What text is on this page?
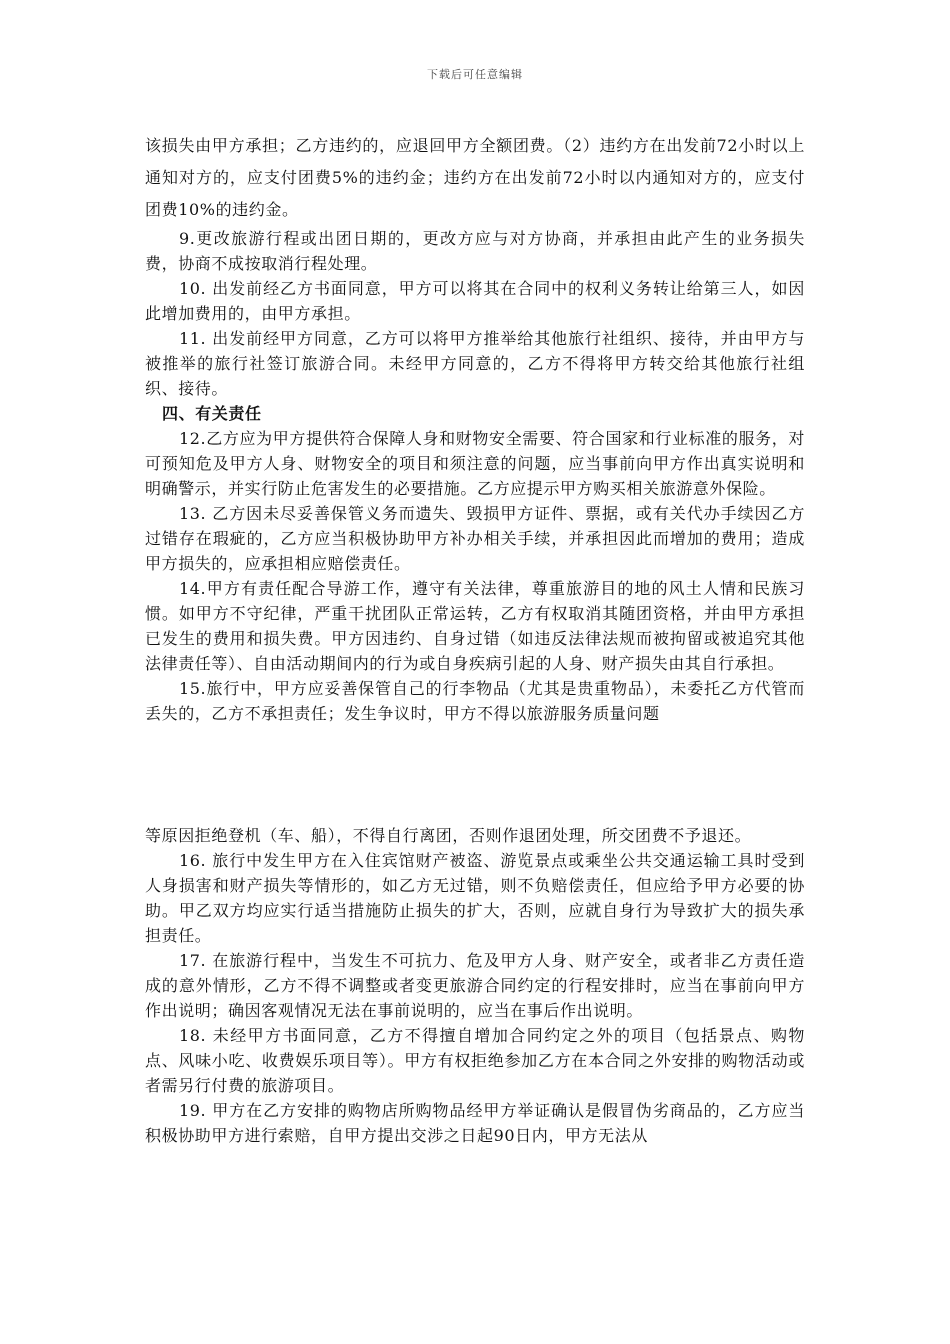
下载后可任意编辑

该损失由甲方承担；乙方违约的，应退回甲方全额团费。（2）违约方在出发前72小时以上通知对方的，应支付团费5%的违约金；违约方在出发前72小时以内通知对方的，应支付团费10%的违约金。

9.更改旅游行程或出团日期的，更改方应与对方协商，并承担由此产生的业务损失费，协商不成按取消行程处理。

10. 出发前经乙方书面同意，甲方可以将其在合同中的权利义务转让给第三人，如因此增加费用的，由甲方承担。

11. 出发前经甲方同意，乙方可以将甲方推举给其他旅行社组织、接待，并由甲方与被推举的旅行社签订旅游合同。未经甲方同意的，乙方不得将甲方转交给其他旅行社组织、接待。

四、有关责任

12.乙方应为甲方提供符合保障人身和财物安全需要、符合国家和行业标准的服务，对可预知危及甲方人身、财物安全的项目和须注意的问题，应当事前向甲方作出真实说明和明确警示，并实行防止危害发生的必要措施。乙方应提示甲方购买相关旅游意外保险。

13. 乙方因未尽妥善保管义务而遗失、毁损甲方证件、票据，或有关代办手续因乙方过错存在瑕疵的，乙方应当积极协助甲方补办相关手续，并承担因此而增加的费用；造成甲方损失的，应承担相应赔偿责任。

14.甲方有责任配合导游工作，遵守有关法律，尊重旅游目的地的风土人情和民族习惯。如甲方不守纪律，严重干扰团队正常运转，乙方有权取消其随团资格，并由甲方承担已发生的费用和损失费。甲方因违约、自身过错（如违反法律法规而被拘留或被追究其他法律责任等）、自由活动期间内的行为或自身疾病引起的人身、财产损失由其自行承担。

15.旅行中，甲方应妥善保管自己的行李物品（尤其是贵重物品），未委托乙方代管而丢失的，乙方不承担责任；发生争议时，甲方不得以旅游服务质量问题

等原因拒绝登机（车、船），不得自行离团，否则作退团处理，所交团费不予退还。

16. 旅行中发生甲方在入住宾馆财产被盗、游览景点或乘坐公共交通运输工具时受到人身损害和财产损失等情形的，如乙方无过错，则不负赔偿责任，但应给予甲方必要的协助。甲乙双方均应实行适当措施防止损失的扩大，否则，应就自身行为导致扩大的损失承担责任。

17. 在旅游行程中，当发生不可抗力、危及甲方人身、财产安全，或者非乙方责任造成的意外情形，乙方不得不调整或者变更旅游合同约定的行程安排时，应当在事前向甲方作出说明；确因客观情况无法在事前说明的，应当在事后作出说明。

18. 未经甲方书面同意，乙方不得擅自增加合同约定之外的项目（包括景点、购物点、风味小吃、收费娱乐项目等）。甲方有权拒绝参加乙方在本合同之外安排的购物活动或者需另行付费的旅游项目。

19. 甲方在乙方安排的购物店所购物品经甲方举证确认是假冒伪劣商品的，乙方应当积极协助甲方进行索赔，自甲方提出交涉之日起90日内，甲方无法从
